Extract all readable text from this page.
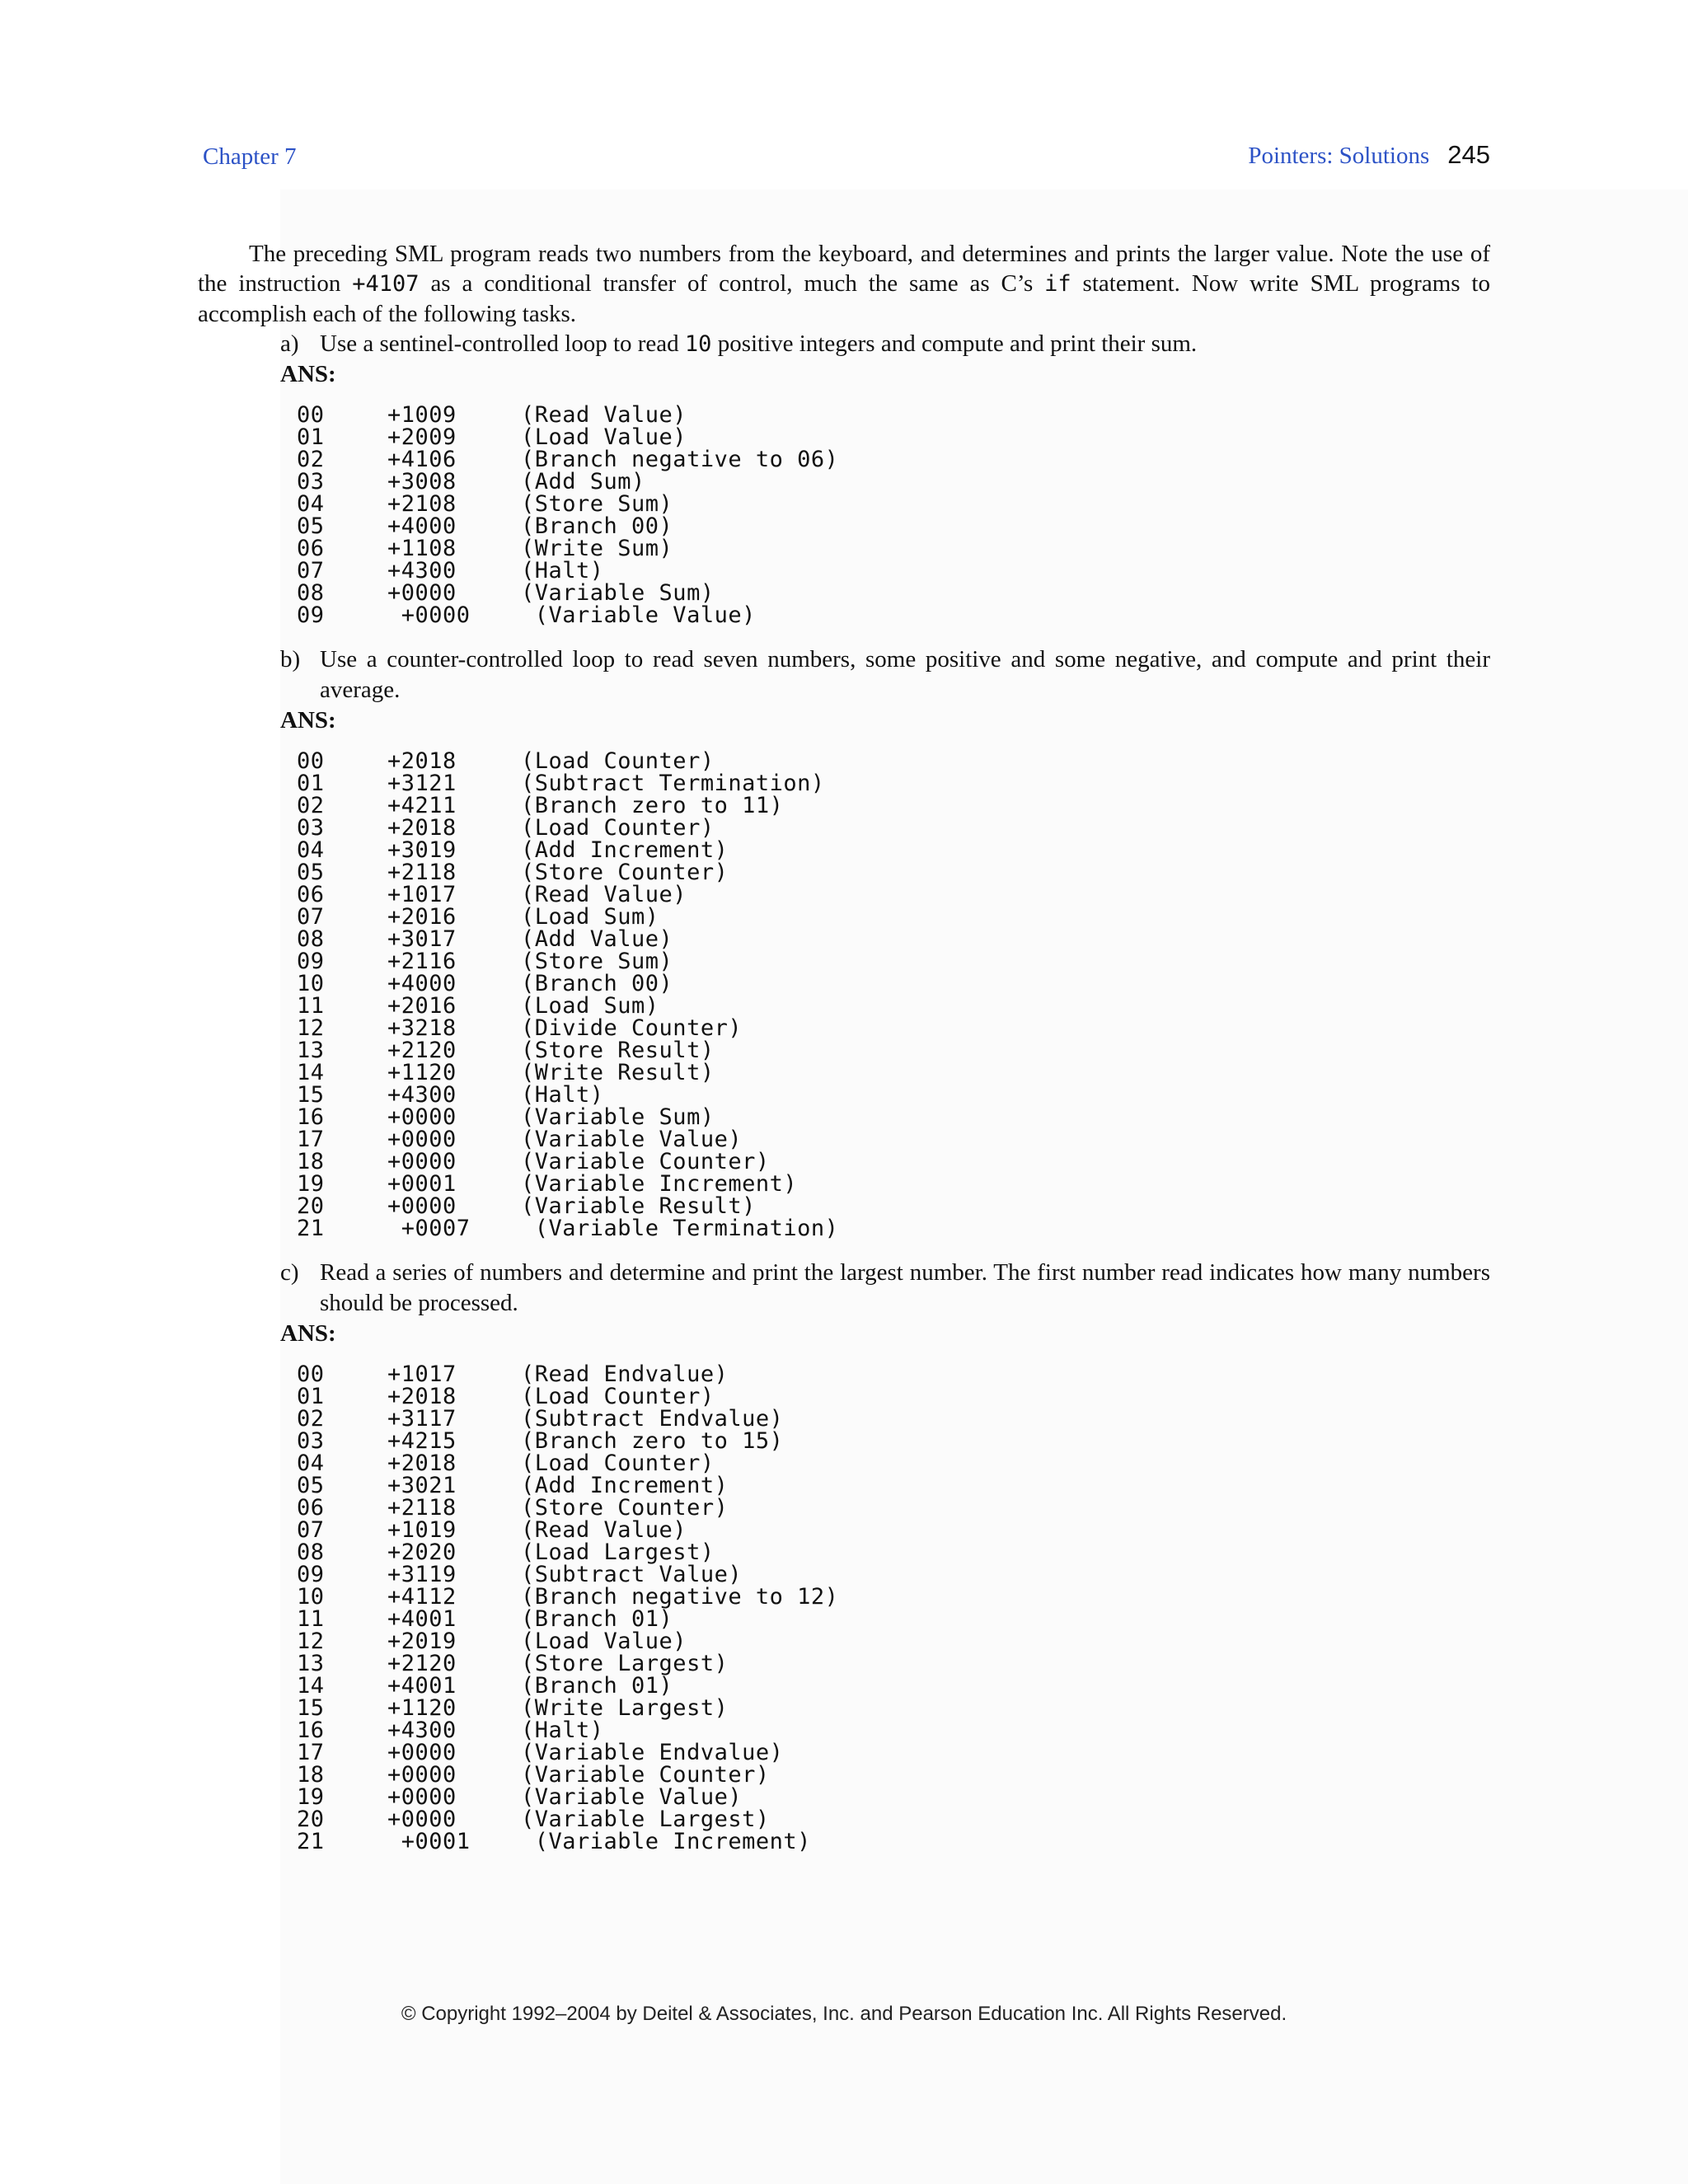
Chapter 7	Pointers: Solutions 245

The preceding SML program reads two numbers from the keyboard, and determines and prints the larger value. Note the use of the instruction +4107 as a conditional transfer of control, much the same as C’s if statement. Now write SML programs to accomplish each of the following tasks.

a) Use a sentinel-controlled loop to read 10 positive integers and compute and print their sum.
ANS:
00	+1009	(Read Value)
01	+2009	(Load Value)
02	+4106	(Branch negative to 06)
03	+3008	(Add Sum)
04	+2108	(Store Sum)
05	+4000	(Branch 00)
06	+1108	(Write Sum)
07	+4300	(Halt)
08	+0000	(Variable Sum)
09	+0000 (Variable Value)
b) Use a counter-controlled loop to read seven numbers, some positive and some negative, and compute and print their average.
ANS:
00	+2018	(Load Counter)
01	+3121	(Subtract Termination)
02	+4211	(Branch zero to 11)
03	+2018	(Load Counter)
04	+3019	(Add Increment)
05	+2118	(Store Counter)
06	+1017	(Read Value)
07	+2016	(Load Sum)
08	+3017	(Add Value)
09	+2116	(Store Sum)
10	+4000	(Branch 00)
11	+2016	(Load Sum)
12	+3218	(Divide Counter)
13	+2120	(Store Result)
14	+1120	(Write Result)
15	+4300	(Halt)
16	+0000	(Variable Sum)
17	+0000	(Variable Value)
18	+0000	(Variable Counter)
19	+0001	(Variable Increment)
20	+0000	(Variable Result)
21	+0007 (Variable Termination)
c) Read a series of numbers and determine and print the largest number. The first number read indicates how many numbers should be processed.
ANS:
00	+1017	(Read Endvalue)
01	+2018	(Load Counter)
02	+3117	(Subtract Endvalue)
03	+4215	(Branch zero to 15)
04	+2018	(Load Counter)
05	+3021	(Add Increment)
06	+2118	(Store Counter)
07	+1019	(Read Value)
08	+2020	(Load Largest)
09	+3119	(Subtract Value)
10	+4112	(Branch negative to 12)
11	+4001	(Branch 01)
12	+2019	(Load Value)
13	+2120	(Store Largest)
14	+4001	(Branch 01)
15	+1120	(Write Largest)
16	+4300	(Halt)
17	+0000	(Variable Endvalue)
18	+0000	(Variable Counter)
19	+0000	(Variable Value)
20	+0000	(Variable Largest)
21	+0001 (Variable Increment)
© Copyright 1992–2004 by Deitel & Associates, Inc. and Pearson Education Inc. All Rights Reserved.
